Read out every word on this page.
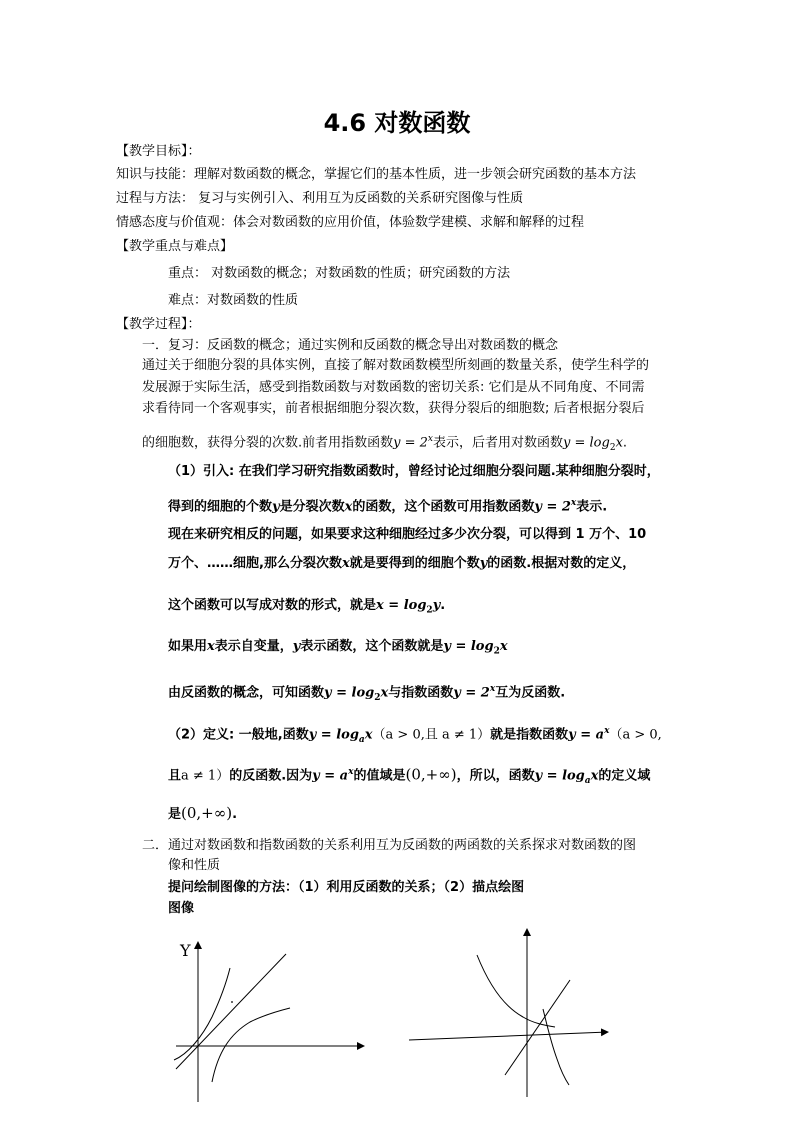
4.6 对数函数
【教学目标】：
知识与技能：理解对数函数的概念，掌握它们的基本性质，进一步领会研究函数的基本方法
过程与方法： 复习与实例引入、利用互为反函数的关系研究图像与性质
情感态度与价值观：体会对数函数的应用价值，体验数学建模、求解和解释的过程
【教学重点与难点】
重点： 对数函数的概念；对数函数的性质；研究函数的方法
难点：对数函数的性质
【教学过程】：
一．复习：反函数的概念；通过实例和反函数的概念导出对数函数的概念
通过关于细胞分裂的具体实例，直接了解对数函数模型所刻画的数量关系，使学生科学的
发展源于实际生活，感受到指数函数与对数函数的密切关系: 它们是从不同角度、不同需
求看待同一个客观事实，前者根据细胞分裂次数，获得分裂后的细胞数; 后者根据分裂后
的细胞数，获得分裂的次数.前者用指数函数$y = 2^x$表示，后者用对数函数$y = \log_2x$.
（1）引入: 在我们学习研究指数函数时，曾经讨论过细胞分裂问题.某种细胞分裂时，
得到的细胞的个数y是分裂次数x的函数，这个函数可用指数函数$y = 2^x$表示.
现在来研究相反的问题，如果要求这种细胞经过多少次分裂，可以得到 1 万个、10
万个、……细胞,那么分裂次数x就是要得到的细胞个数y的函数.根据对数的定义，
这个函数可以写成对数的形式，就是$x = \log_2y$.
如果用x表示自变量，y表示函数，这个函数就是$y = \log_2x$
由反函数的概念，可知函数$y = \log_2x$与指数函数$y = 2^x$互为反函数.
（2）定义: 一般地,函数$y = \log_ax(a > 0$,且 a ≠ 1）就是指数函数$y = a^x(a > 0$,
且a ≠ 1）的反函数.因为$y = a^x$的值域是(0,+∞)，所以，函数$y = \log_ax$的定义域
是(0,+∞).
二．通过对数函数和指数函数的关系利用互为反函数的两函数的关系探求对数函数的图
像和性质
提问绘制图像的方法：（1）利用反函数的关系；（2）描点绘图
图像
Y
